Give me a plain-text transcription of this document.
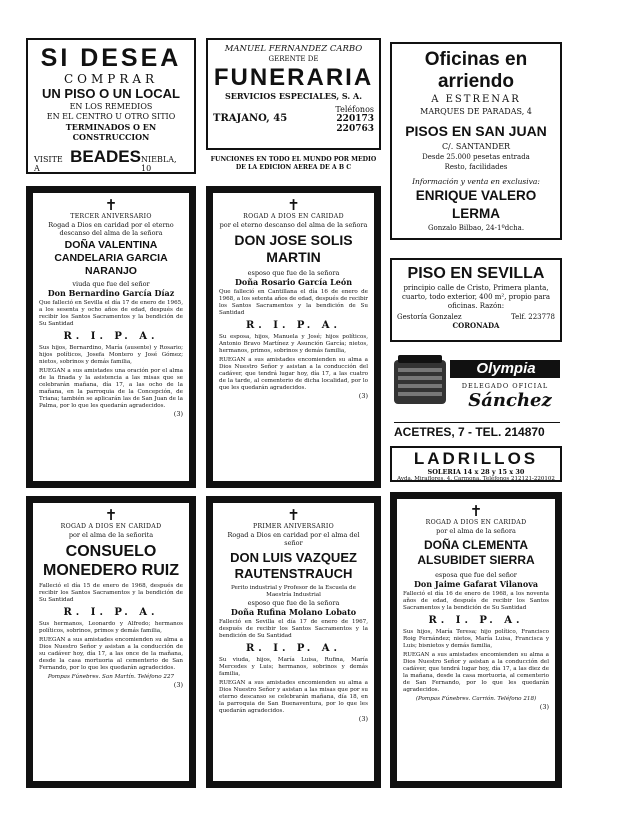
SI DESEA
COMPRAR
UN PISO O UN LOCAL
EN LOS REMEDIOS
EN EL CENTRO U OTRO SITIO
TERMINADOS O EN CONSTRUCCION
VISITE A
BEADES NIEBLA, 10
MANUEL FERNANDEZ CARBO
GERENTE DE
FUNERARIA
SERVICIOS ESPECIALES, S. A.
TRAJANO, 45
Teléfonos
220173
220763
FUNCIONES EN TODO EL MUNDO POR MEDIO DE LA EDICION AEREA DE A B C
Oficinas en arriendo
A ESTRENAR
MARQUES DE PARADAS, 4
PISOS EN SAN JUAN
C/. SANTANDER
Desde 25.000 pesetas entrada
Resto, facilidades
Información y venta en exclusiva:
ENRIQUE VALERO LERMA
Gonzalo Bilbao, 24-1ºdcha.
PISO EN SEVILLA
principio calle de Cristo, Primera planta, cuarto, todo exterior, 400 m², propio para oficinas. Razón:
Gestoría Gonzalez	Telf. 223778
CORONADA
Olympia
DELEGADO OFICIAL
Sánchez
ACETRES, 7 - TEL. 214870
LADRILLOS
SOLERIA 14 x 28 y 15 x 30
Avda. Miraflores, 4. Carmona. Teléfonos 212121-220102
✝
TERCER ANIVERSARIO
Rogad a Dios en caridad por el eterno descanso del alma de la señora
DOÑA VALENTINA CANDELARIA GARCIA NARANJO
viuda que fue del señor
Don Bernardino García Díaz
Que falleció en Sevilla el día 17 de enero de 1965, a los sesenta y ocho años de edad, después de recibir los Santos Sacramentos y la bendición de Su Santidad
R. I. P. A.
Sus hijos, Bernardino, María (ausente) y Rosario; hijos políticos, Josefa Montero y José Gómez; nietos, sobrinos y demás familia,
RUEGAN a sus amistades una oración por el alma de la finada y la asistencia a las misas que se celebrarán mañana, día 17, a las ocho de la mañana, en la parroquia de la Concepción, de Triana; también se aplicarán las de San Juan de la Palma, por lo que les quedarán agradecidos.
(3)
✝
ROGAD A DIOS EN CARIDAD
por el eterno descanso del alma de la señora
DON JOSE SOLIS MARTIN
esposo que fue de la señora
Doña Rosario García León
Que falleció en Cantillana el día 16 de enero de 1968, a los setenta años de edad, después de recibir los Santos Sacramentos y la bendición de Su Santidad
R. I. P. A.
Su esposa, hijos, Manuela y José; hijos políticos, Antonio Bravo Martínez y Asunción García; nietos, hermanos, primos, sobrinos y demás familia,
RUEGAN a sus amistades encomienden su alma a Dios Nuestro Señor y asistan a la conducción del cadáver, que tendrá lugar hoy, día 17, a las cuatro de la tarde, al cementerio de dicha localidad, por lo que les quedarán agradecidos.
(3)
✝
ROGAD A DIOS EN CARIDAD
por el alma de la señorita
CONSUELO MONEDERO RUIZ
Falleció el día 15 de enero de 1968, después de recibir los Santos Sacramentos y la bendición de Su Santidad
R. I. P. A.
Sus hermanos, Leonardo y Alfredo; hermanos políticos, sobrinos, primos y demás familia,
RUEGAN a sus amistades encomienden su alma a Dios Nuestro Señor y asistan a la conducción de su cadáver hoy, día 17, a las once de la mañana, desde la casa mortuoria al cementerio de San Fernando, por lo que les quedarán agradecidos.
Pompas Fúnebres. San Martín. Teléfono 227
(3)
✝
PRIMER ANIVERSARIO
Rogad a Dios en caridad por el alma del señor
DON LUIS VAZQUEZ RAUTENSTRAUCH
Perito industrial y Profesor de la Escuela de Maestría Industrial
esposo que fue de la señora
Doña Rufina Molano Lobato
Falleció en Sevilla el día 17 de enero de 1967, después de recibir los Santos Sacramentos y la bendición de Su Santidad
R. I. P. A.
Su viuda, hijos, María Luisa, Rufina, María Mercedes y Luis; hermanos, sobrinos y demás familia,
RUEGAN a sus amistades encomienden su alma a Dios Nuestro Señor y asistan a las misas que por su eterno descanso se celebrarán mañana, día 18, en la parroquia de San Buenaventura, por lo que les quedarán agradecidos.
(3)
✝
ROGAD A DIOS EN CARIDAD
por el alma de la señora
DOÑA CLEMENTA ALSUBIDET SIERRA
esposa que fue del señor
Don Jaime Gafarat Vilanova
Falleció el día 16 de enero de 1968, a los noventa años de edad, después de recibir los Santos Sacramentos y la bendición de Su Santidad
R. I. P. A.
Sus hijos, María Teresa; hijo político, Francisco Roig Fernández; nietos, María Luisa, Francisca y Luis; bisnietos y demás familia,
RUEGAN a sus amistades encomienden su alma a Dios Nuestro Señor y asistan a la conducción del cadáver, que tendrá lugar hoy, día 17, a las diez de la mañana, desde la casa mortuoria, al cementerio de San Fernando, por lo que les quedarán agradecidos.
(Pompas Fúnebres. Carrión. Teléfono 218)
(3)
